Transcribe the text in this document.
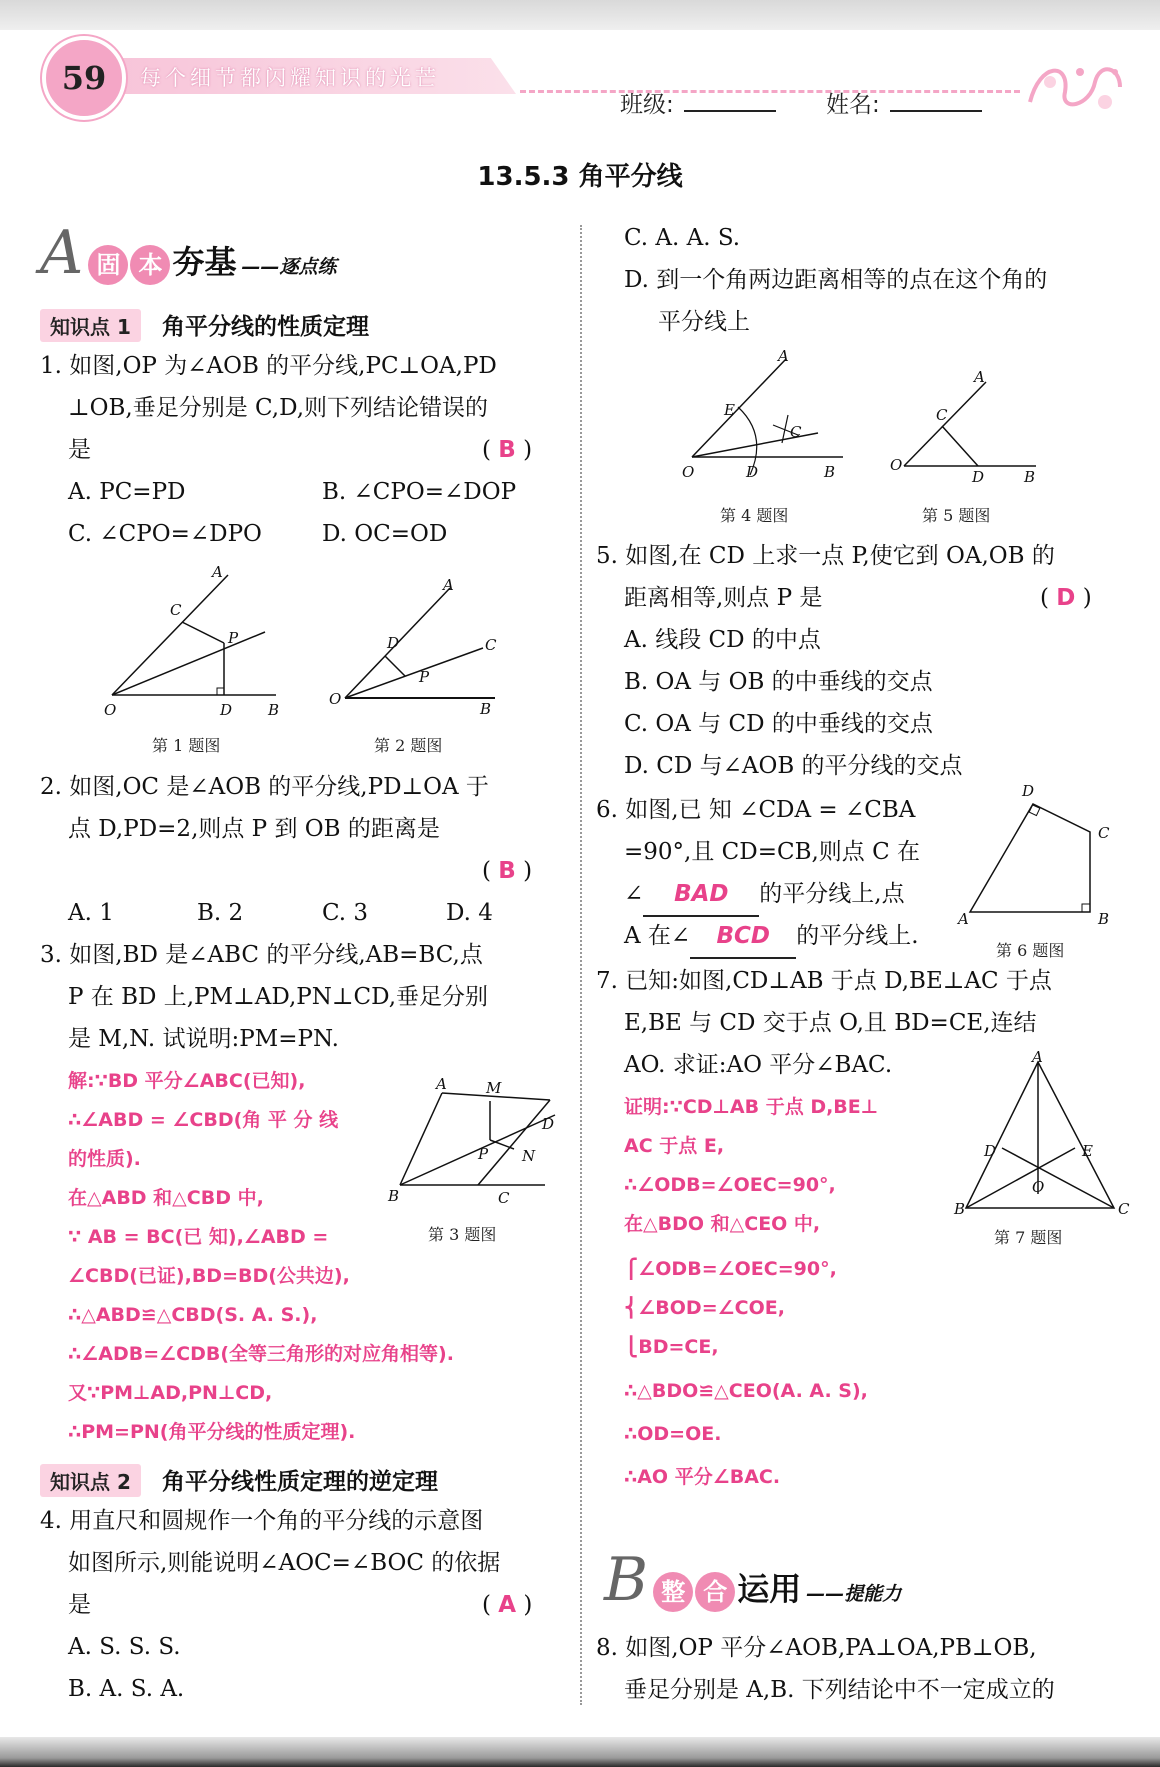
59	每个细节都闪耀知识的光芒
班级:	姓名:
13.5.3 角平分线
A 固 本 夯基 ——逐点练
知识点 1 角平分线的性质定理
1. 如图,OP 为∠AOB 的平分线,PC⊥OA,PD
⊥OB,垂足分别是 C,D,则下列结论错误的
是	( B )
A. PC=PD	B. ∠CPO=∠DOP
C. ∠CPO=∠DPO	D. OC=OD
O	D B
C
P
A
O
B
C
A
D
P
第 1 题图	第 2 题图
2. 如图,OC 是∠AOB 的平分线,PD⊥OA 于
点 D,PD=2,则点 P 到 OB 的距离是
( B )
A. 1	B. 2	C. 3	D. 4
3. 如图,BD 是∠ABC 的平分线,AB=BC,点
P 在 BD 上,PM⊥AD,PN⊥CD,垂足分别
是 M,N. 试说明:PM=PN.
解:∵BD 平分∠ABC(已知),
∴∠ABD = ∠CBD(角 平 分 线
的性质).
在△ABD 和△CBD 中,
∵ AB = BC(已 知),∠ABD =
∠CBD(已证),BD=BD(公共边),
∴△ABD≌△CBD(S. A. S.),
∴∠ADB=∠CDB(全等三角形的对应角相等).
又∵PM⊥AD,PN⊥CD,
∴PM=PN(角平分线的性质定理).
A	M
D
P N
B	C
第 3 题图
知识点 2 角平分线性质定理的逆定理
4. 用直尺和圆规作一个角的平分线的示意图
如图所示,则能说明∠AOC=∠BOC 的依据
是	( A )
A. S. S. S.
B. A. S. A.
C. A. A. S.
D. 到一个角两边距离相等的点在这个角的
平分线上
O	D	B
A
E
C
O
D	B
A
C
第 4 题图	第 5 题图
5. 如图,在 CD 上求一点 P,使它到 OA,OB 的
距离相等,则点 P 是	( D )
A. 线段 CD 的中点
B. OA 与 OB 的中垂线的交点
C. OA 与 CD 的中垂线的交点
D. CD 与∠AOB 的平分线的交点
6. 如图,已 知 ∠CDA = ∠CBA
=90°,且 CD=CB,则点 C 在
∠ BAD 的平分线上,点
A 在∠ BCD 的平分线上.
D
C
B
A
第 6 题图
7. 已知:如图,CD⊥AB 于点 D,BE⊥AC 于点
E,BE 与 CD 交于点 O,且 BD=CE,连结
AO. 求证:AO 平分∠BAC.
证明:∵CD⊥AB 于点 D,BE⊥
AC 于点 E,
∴∠ODB=∠OEC=90°,
在△BDO 和△CEO 中,
⎧∠ODB=∠OEC=90°,
⎨∠BOD=∠COE,
⎩BD=CE,
∴△BDO≌△CEO(A. A. S),
∴OD=OE.
∴AO 平分∠BAC.
A
D	E
O
B	C
第 7 题图
B 整 合 运用 ——提能力
8. 如图,OP 平分∠AOB,PA⊥OA,PB⊥OB,
垂足分别是 A,B. 下列结论中不一定成立的
